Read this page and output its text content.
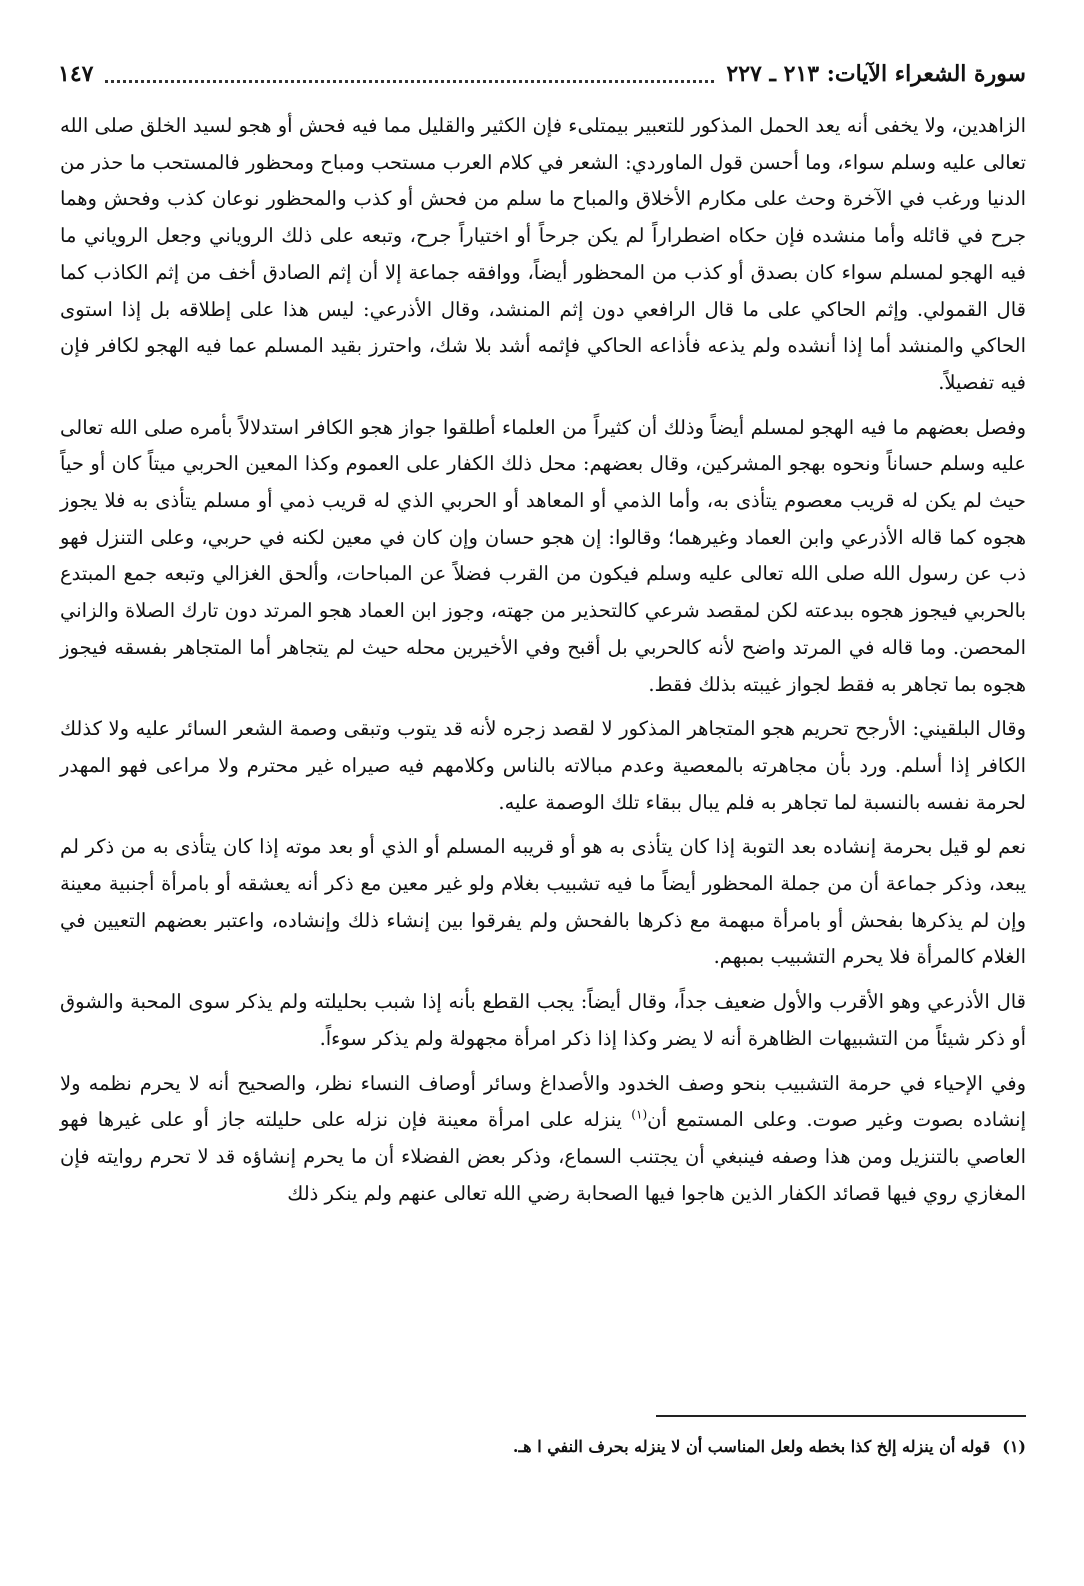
١٤٧	سورة الشعراء الآيات: ٢١٣ ـ ٢٢٧

الزاهدين، ولا يخفى أنه يعد الحمل المذكور للتعبير بيمتلىء فإن الكثير والقليل مما فيه فحش أو هجو لسيد الخلق صلى الله تعالى عليه وسلم سواء، وما أحسن قول الماوردي: الشعر في كلام العرب مستحب ومباح ومحظور فالمستحب ما حذر من الدنيا ورغب في الآخرة وحث على مكارم الأخلاق والمباح ما سلم من فحش أو كذب والمحظور نوعان كذب وفحش وهما جرح في قائله وأما منشده فإن حكاه اضطراراً لم يكن جرحاً أو اختياراً جرح، وتبعه على ذلك الروياني وجعل الروياني ما فيه الهجو لمسلم سواء كان بصدق أو كذب من المحظور أيضاً، ووافقه جماعة إلا أن إثم الصادق أخف من إثم الكاذب كما قال القمولي. وإثم الحاكي على ما قال الرافعي دون إثم المنشد، وقال الأذرعي: ليس هذا على إطلاقه بل إذا استوى الحاكي والمنشد أما إذا أنشده ولم يذعه فأذاعه الحاكي فإثمه أشد بلا شك، واحترز بقيد المسلم عما فيه الهجو لكافر فإن فيه تفصيلاً.

وفصل بعضهم ما فيه الهجو لمسلم أيضاً وذلك أن كثيراً من العلماء أطلقوا جواز هجو الكافر استدلالاً بأمره صلى الله تعالى عليه وسلم حساناً ونحوه بهجو المشركين، وقال بعضهم: محل ذلك الكفار على العموم وكذا المعين الحربي ميتاً كان أو حياً حيث لم يكن له قريب معصوم يتأذى به، وأما الذمي أو المعاهد أو الحربي الذي له قريب ذمي أو مسلم يتأذى به فلا يجوز هجوه كما قاله الأذرعي وابن العماد وغيرهما؛ وقالوا: إن هجو حسان وإن كان في معين لكنه في حربي، وعلى التنزل فهو ذب عن رسول الله صلى الله تعالى عليه وسلم فيكون من القرب فضلاً عن المباحات، وألحق الغزالي وتبعه جمع المبتدع بالحربي فيجوز هجوه ببدعته لكن لمقصد شرعي كالتحذير من جهته، وجوز ابن العماد هجو المرتد دون تارك الصلاة والزاني المحصن. وما قاله في المرتد واضح لأنه كالحربي بل أقبح وفي الأخيرين محله حيث لم يتجاهر أما المتجاهر بفسقه فيجوز هجوه بما تجاهر به فقط لجواز غيبته بذلك فقط.

وقال البلقيني: الأرجح تحريم هجو المتجاهر المذكور لا لقصد زجره لأنه قد يتوب وتبقى وصمة الشعر السائر عليه ولا كذلك الكافر إذا أسلم. ورد بأن مجاهرته بالمعصية وعدم مبالاته بالناس وكلامهم فيه صيراه غير محترم ولا مراعى فهو المهدر لحرمة نفسه بالنسبة لما تجاهر به فلم يبال ببقاء تلك الوصمة عليه.

نعم لو قيل بحرمة إنشاده بعد التوبة إذا كان يتأذى به هو أو قريبه المسلم أو الذي أو بعد موته إذا كان يتأذى به من ذكر لم يبعد، وذكر جماعة أن من جملة المحظور أيضاً ما فيه تشبيب بغلام ولو غير معين مع ذكر أنه يعشقه أو بامرأة أجنبية معينة وإن لم يذكرها بفحش أو بامرأة مبهمة مع ذكرها بالفحش ولم يفرقوا بين إنشاء ذلك وإنشاده، واعتبر بعضهم التعيين في الغلام كالمرأة فلا يحرم التشبيب بمبهم.

قال الأذرعي وهو الأقرب والأول ضعيف جداً، وقال أيضاً: يجب القطع بأنه إذا شبب بحليلته ولم يذكر سوى المحبة والشوق أو ذكر شيئاً من التشبيهات الظاهرة أنه لا يضر وكذا إذا ذكر امرأة مجهولة ولم يذكر سوءاً.

وفي الإحياء في حرمة التشبيب بنحو وصف الخدود والأصداغ وسائر أوصاف النساء نظر، والصحيح أنه لا يحرم نظمه ولا إنشاده بصوت وغير صوت. وعلى المستمع أن$^{(١)}$ ينزله على امرأة معينة فإن نزله على حليلته جاز أو على غيرها فهو العاصي بالتنزيل ومن هذا وصفه فينبغي أن يجتنب السماع، وذكر بعض الفضلاء أن ما يحرم إنشاؤه قد لا تحرم روايته فإن المغازي روي فيها قصائد الكفار الذين هاجوا فيها الصحابة رضي الله تعالى عنهم ولم ينكر ذلك

(١)قوله أن ينزله إلخ كذا بخطه ولعل المناسب أن لا ينزله بحرف النفي ا هـ.
